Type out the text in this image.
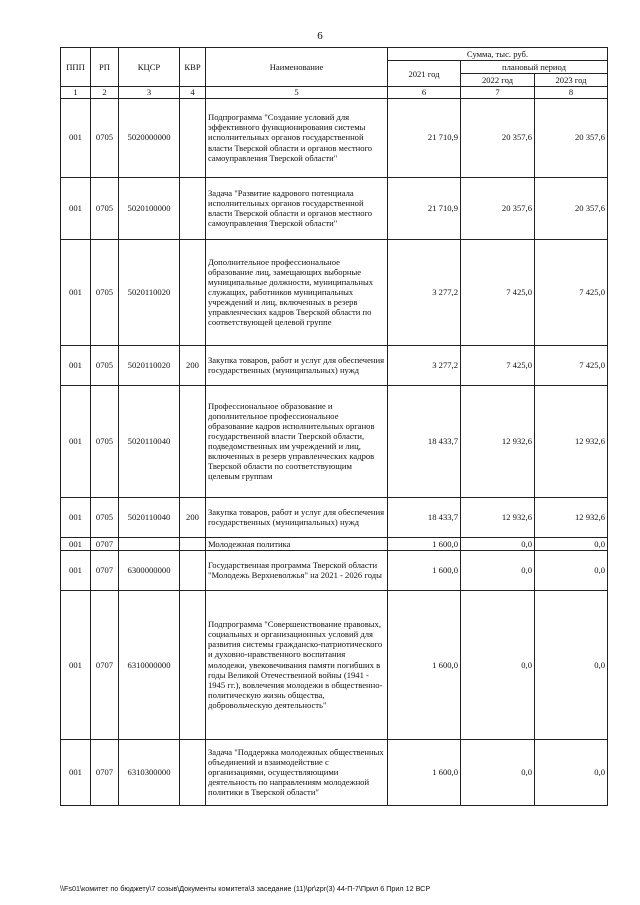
6
ППП	РП	КЦСР	КВР	Наименование	Сумма, тыс. руб.		
					2021 год	плановый период	
						2022 год	2023 год
1	2	3	4	5	6	7	8
001	0705	5020000000		Подпрограмма "Создание условий для эффективного функционирования системы исполнительных органов государственной власти Тверской области и органов местного самоуправления Тверской области"	21 710,9	20 357,6	20 357,6
001	0705	5020100000		Задача "Развитие кадрового потенциала исполнительных органов государственной власти Тверской области и органов местного самоуправления Тверской области"	21 710,9	20 357,6	20 357,6
001	0705	5020110020		Дополнительное профессиональное образование лиц, замещающих выборные муниципальные должности, муниципальных служащих, работников муниципальных учреждений и лиц, включенных в резерв управленческих кадров Тверской области по соответствующей целевой группе	3 277,2	7 425,0	7 425,0
001	0705	5020110020	200	Закупка товаров, работ и услуг для обеспечения государственных (муниципальных) нужд	3 277,2	7 425,0	7 425,0
001	0705	5020110040		Профессиональное образование и дополнительное профессиональное образование кадров исполнительных органов государственной власти Тверской области, подведомственных им учреждений и лиц, включенных в резерв управленческих кадров Тверской области по соответствующим целевым группам	18 433,7	12 932,6	12 932,6
001	0705	5020110040	200	Закупка товаров, работ и услуг для обеспечения государственных (муниципальных) нужд	18 433,7	12 932,6	12 932,6
001	0707			Молодежная политика	1 600,0	0,0	0,0
001	0707	6300000000		Государственная программа Тверской области "Молодежь Верхневолжья" на 2021 - 2026 годы	1 600,0	0,0	0,0
001	0707	6310000000		Подпрограмма "Совершенствование правовых, социальных и организационных условий для развития системы гражданско-патриотического и духовно-нравственного воспитания молодежи, увековечивания памяти погибших в годы Великой Отечественной войны (1941 - 1945 гг.), вовлечения молодежи в общественно-политическую жизнь общества, добровольческую деятельность"	1 600,0	0,0	0,0
001	0707	6310300000		Задача "Поддержка молодежных общественных объединений и взаимодействие с организациями, осуществляющими деятельность по направлениям молодежной политики в Тверской области"	1 600,0	0,0	0,0
\\Fs01\комитет по бюджету\7 созыв\Документы комитета\3 заседание (11)\pr\zpr(3) 44-П-7\Прил 6 Прил 12 ВСР
